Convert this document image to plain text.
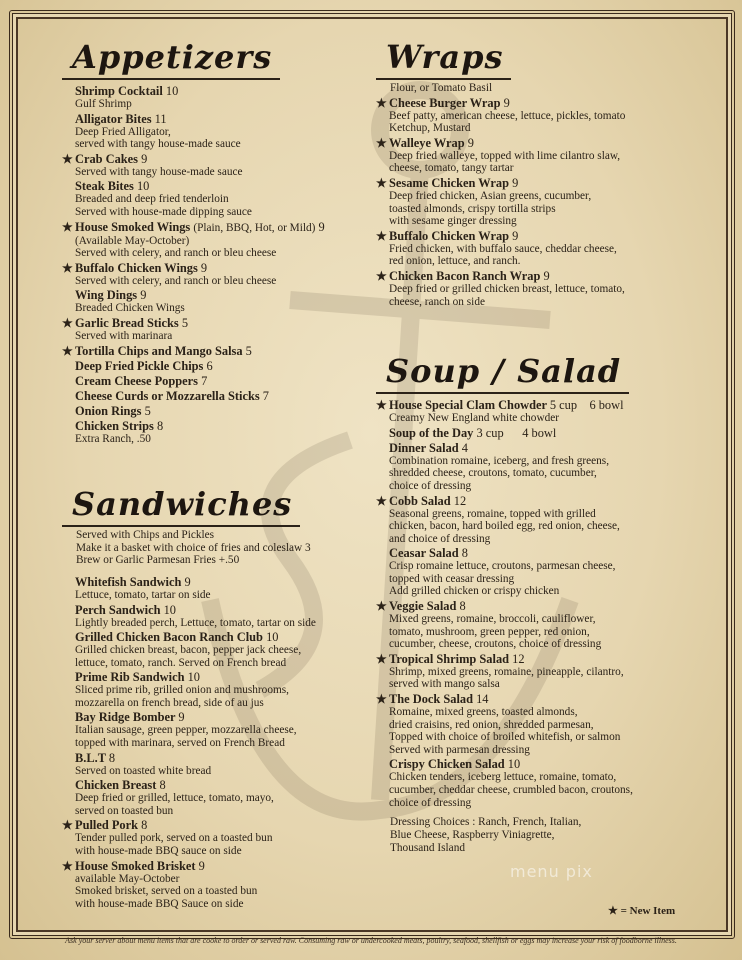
Appetizers
Shrimp Cocktail 10
Gulf Shrimp
Alligator Bites 11
Deep Fried Alligator,
served with tangy house-made sauce
★ Crab Cakes 9
Served with tangy house-made sauce
Steak Bites 10
Breaded and deep fried tenderloin
Served with house-made dipping sauce
★ House Smoked Wings (Plain, BBQ, Hot, or Mild) 9
(Available May-October)
Served with celery, and ranch or bleu cheese
★ Buffalo Chicken Wings 9
Served with celery, and ranch or bleu cheese
Wing Dings 9
Breaded Chicken Wings
★ Garlic Bread Sticks 5
Served with marinara
★ Tortilla Chips and Mango Salsa 5
Deep Fried Pickle Chips 6
Cream Cheese Poppers 7
Cheese Curds or Mozzarella Sticks 7
Onion Rings 5
Chicken Strips 8
Extra Ranch, .50
Sandwiches
Served with Chips and Pickles
Make it a basket with choice of fries and coleslaw 3
Brew or Garlic Parmesan Fries +.50
Whitefish Sandwich 9
Lettuce, tomato, tartar on side
Perch Sandwich 10
Lightly breaded perch, Lettuce, tomato, tartar on side
Grilled Chicken Bacon Ranch Club 10
Grilled chicken breast, bacon, pepper jack cheese,
lettuce, tomato, ranch. Served on French bread
Prime Rib Sandwich 10
Sliced prime rib, grilled onion and mushrooms,
mozzarella on french bread, side of au jus
Bay Ridge Bomber 9
Italian sausage, green pepper, mozzarella cheese,
topped with marinara, served on French Bread
B.L.T 8
Served on toasted white bread
Chicken Breast 8
Deep fried or grilled, lettuce, tomato, mayo,
served on toasted bun
★ Pulled Pork 8
Tender pulled pork, served on a toasted bun
with house-made BBQ sauce on side
★ House Smoked Brisket 9
available May-October
Smoked brisket, served on a toasted bun
with house-made BBQ Sauce on side
Wraps
Flour, or Tomato Basil
★ Cheese Burger Wrap 9
Beef patty, american cheese, lettuce, pickles, tomato
Ketchup, Mustard
★ Walleye Wrap 9
Deep fried walleye, topped with lime cilantro slaw,
cheese, tomato, tangy tartar
★ Sesame Chicken Wrap 9
Deep fried chicken, Asian greens, cucumber,
toasted almonds, crispy tortilla strips
with sesame ginger dressing
★ Buffalo Chicken Wrap 9
Fried chicken, with buffalo sauce, cheddar cheese,
red onion, lettuce, and ranch.
★ Chicken Bacon Ranch Wrap 9
Deep fried or grilled chicken breast, lettuce, tomato,
cheese, ranch on side
Soup / Salad
★ House Special Clam Chowder 5 cup    6 bowl
Creamy New England white chowder
Soup of the Day 3 cup      4 bowl
Dinner Salad 4
Combination romaine, iceberg, and fresh greens,
shredded cheese, croutons, tomato, cucumber,
choice of dressing
★ Cobb Salad 12
Seasonal greens, romaine, topped with grilled
chicken, bacon, hard boiled egg, red onion, cheese,
and choice of dressing
Ceasar Salad 8
Crisp romaine lettuce, croutons, parmesan cheese,
topped with ceasar dressing
Add grilled chicken or crispy chicken
★ Veggie Salad 8
Mixed greens, romaine, broccoli, cauliflower,
tomato, mushroom, green pepper, red onion,
cucumber, cheese, croutons, choice of dressing
★ Tropical Shrimp Salad 12
Shrimp, mixed greens, romaine, pineapple, cilantro,
served with mango salsa
★ The Dock Salad 14
Romaine, mixed greens, toasted almonds,
dried craisins, red onion, shredded parmesan,
Topped with choice of broiled whitefish, or salmon
Served with parmesan dressing
Crispy Chicken Salad 10
Chicken tenders, iceberg lettuce, romaine, tomato,
cucumber, cheddar cheese, crumbled bacon, croutons,
choice of dressing
Dressing Choices : Ranch, French, Italian,
Blue Cheese, Raspberry Viniagrette,
Thousand Island
menu pix
★ = New Item
Ask your server about menu items that are cooke to order or served raw. Consuming raw or undercooked meats, poultry, seafood, shellfish or eggs may increase your risk of foodborne illness.
